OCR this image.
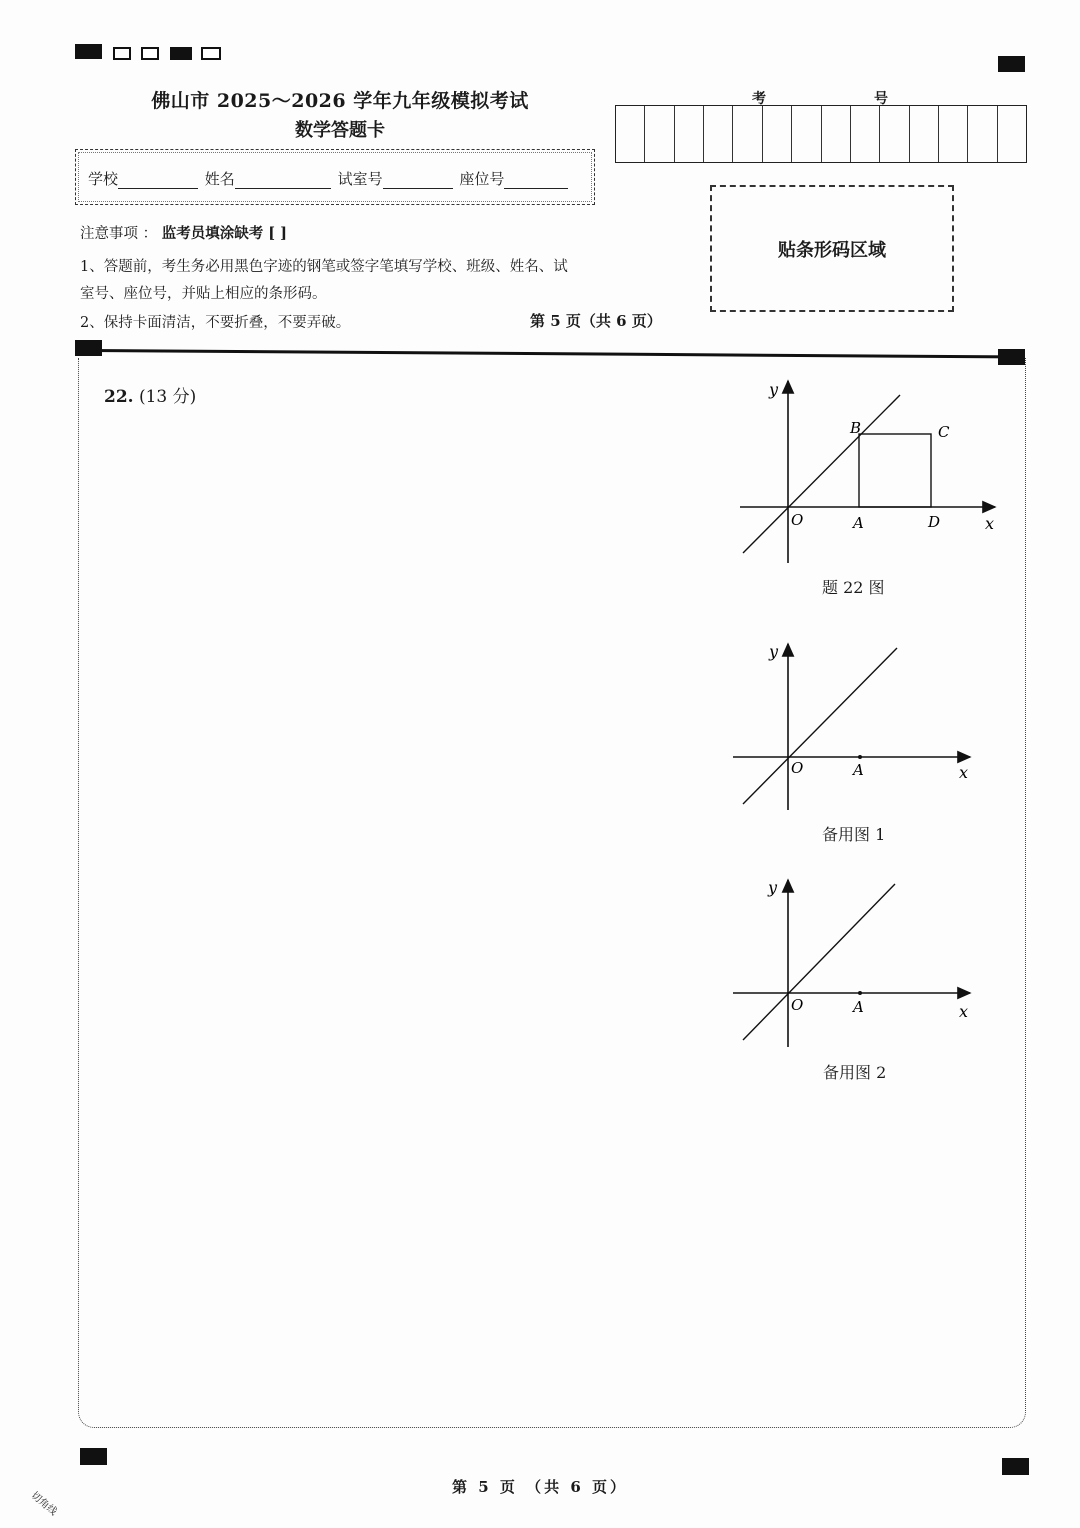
佛山市 2025～2026 学年九年级模拟考试
数学答题卡
学校	姓名	试室号	座位号
考	号
贴条形码区域
注意事项 ： 监考员填涂缺考 [ ]
1、答题前，考生务必用黑色字迹的钢笔或签字笔填写学校、班级、姓名、试
室号、座位号，并贴上相应的条形码。
2、保持卡面清洁，不要折叠，不要弄破。	第 5 页（共 6 页）
22. (13 分)	y
x
O	A
B	C
D
题 22 图
y
x
O	A
备用图 1
y
x
O	A
备用图 2
第 5 页 （共 6 页）
切角线
